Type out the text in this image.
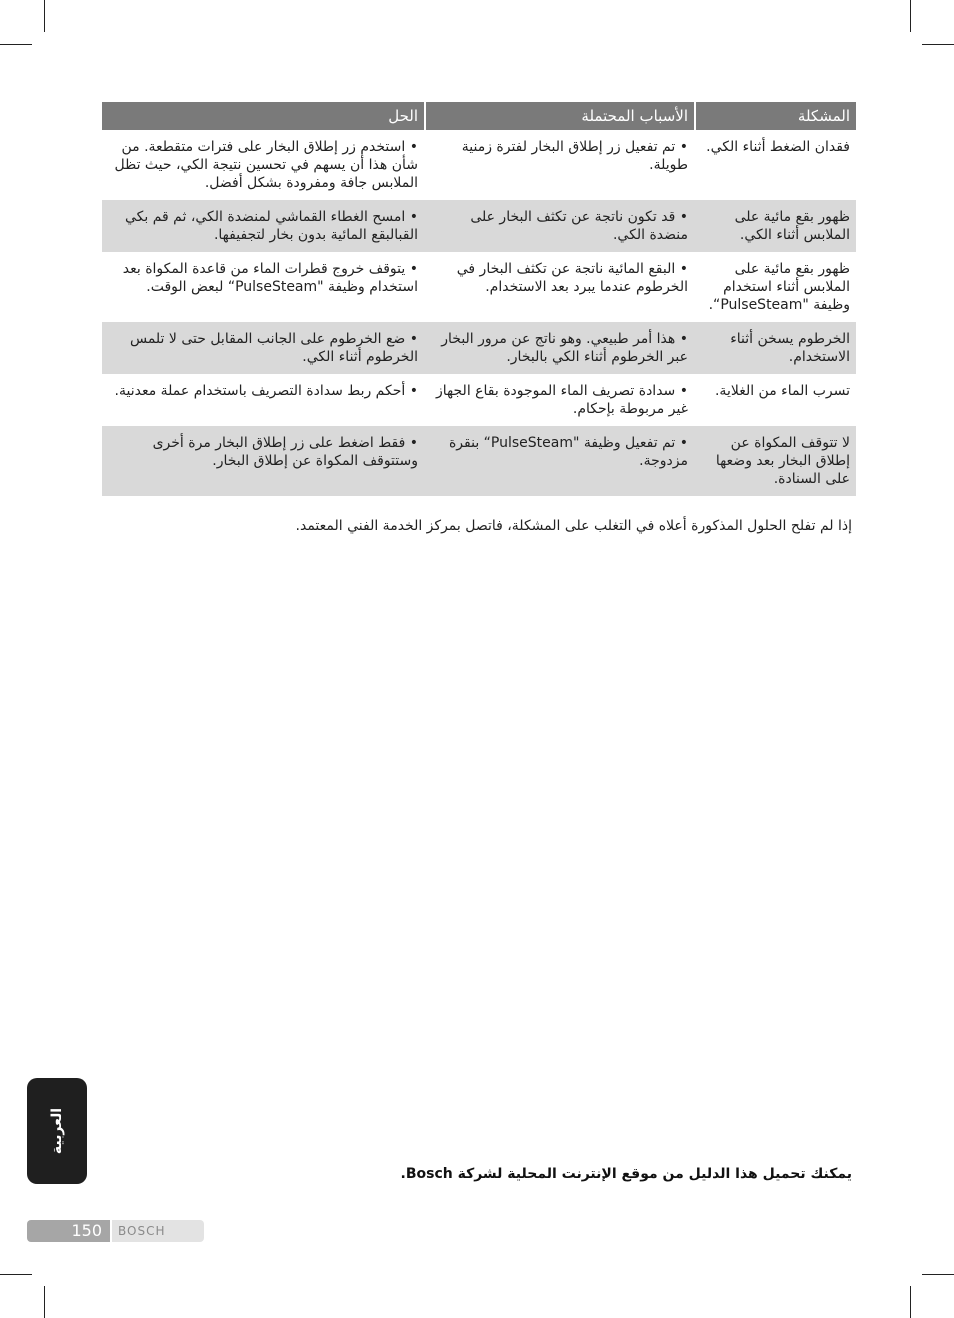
المشكلة	الأسباب المحتملة	الحل
فقدان الضغط أثناء الكي.	• تم تفعيل زر إطلاق البخار لفترة زمنية طويلة.	• استخدم زر إطلاق البخار على فترات متقطعة. من شأن هذا أن يسهم في تحسين نتيجة الكي، حيث تظل الملابس جافة ومفرودة بشكل أفضل.
ظهور بقع مائية على الملابس أثناء الكي.	• قد تكون ناتجة عن تكثف البخار على منضدة الكي.	• امسح الغطاء القماشي لمنضدة الكي، ثم قم بكي القبالبقع المائية بدون بخار لتجفيفها.
ظهور بقع مائية على الملابس أثناء استخدام وظيفة "PulseSteam“.	• البقع المائية ناتجة عن تكثف البخار في الخرطوم عندما يبرد بعد الاستخدام.	• يتوقف خروج قطرات الماء من قاعدة المكواة بعد استخدام وظيفة "PulseSteam“ لبعض الوقت.
الخرطوم يسخن أثناء الاستخدام.	• هذا أمر طبيعي. وهو ناتج عن مرور البخار عبر الخرطوم أثناء الكي بالبخار.	• ضع الخرطوم على الجانب المقابل حتى لا تلمس الخرطوم أثناء الكي.
تسرب الماء من الغلاية.	• سدادة تصريف الماء الموجودة بقاع الجهاز غير مربوطة بإحكام.	• أحكم ربط سدادة التصريف باستخدام عملة معدنية.
لا تتوقف المكواة عن إطلاق البخار بعد وضعها على السنادة.	• تم تفعيل وظيفة "PulseSteam“ بنقرة مزدوجة.	• فقط اضغط على زر إطلاق البخار مرة أخرى وستتوقف المكواة عن إطلاق البخار.
إذا لم تفلح الحلول المذكورة أعلاه في التغلب على المشكلة، فاتصل بمركز الخدمة الفني المعتمد.
العربية
يمكنك تحميل هذا الدليل من موقع الإنترنت المحلية لشركة Bosch.
150	BOSCH
